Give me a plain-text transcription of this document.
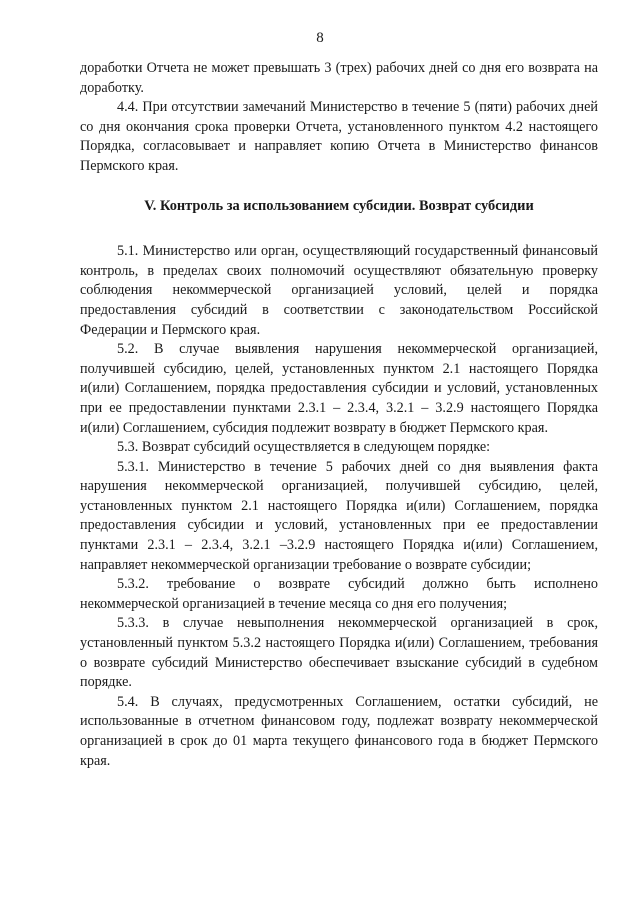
8

доработки Отчета не может превышать 3 (трех) рабочих дней со дня его возврата на доработку.

4.4. При отсутствии замечаний Министерство в течение 5 (пяти) рабочих дней со дня окончания срока проверки Отчета, установленного пунктом 4.2 настоящего Порядка, согласовывает и направляет копию Отчета в Министерство финансов Пермского края.

V. Контроль за использованием субсидии. Возврат субсидии

5.1. Министерство или орган, осуществляющий государственный финансовый контроль, в пределах своих полномочий осуществляют обязательную проверку соблюдения некоммерческой организацией условий, целей и порядка предоставления субсидий в соответствии с законодательством Российской Федерации и Пермского края.

5.2. В случае выявления нарушения некоммерческой организацией, получившей субсидию, целей, установленных пунктом 2.1 настоящего Порядка и(или) Соглашением, порядка предоставления субсидии и условий, установленных при ее предоставлении пунктами 2.3.1 – 2.3.4, 3.2.1 – 3.2.9 настоящего Порядка и(или) Соглашением, субсидия подлежит возврату в бюджет Пермского края.

5.3. Возврат субсидий осуществляется в следующем порядке:

5.3.1. Министерство в течение 5 рабочих дней со дня выявления факта нарушения некоммерческой организацией, получившей субсидию, целей, установленных пунктом 2.1 настоящего Порядка и(или) Соглашением, порядка предоставления субсидии и условий, установленных при ее предоставлении пунктами 2.3.1 – 2.3.4, 3.2.1 –3.2.9 настоящего Порядка и(или) Соглашением, направляет некоммерческой организации требование о возврате субсидии;

5.3.2. требование о возврате субсидий должно быть исполнено некоммерческой организацией в течение месяца со дня его получения;

5.3.3. в случае невыполнения некоммерческой организацией в срок, установленный пунктом 5.3.2 настоящего Порядка и(или) Соглашением, требования о возврате субсидий Министерство обеспечивает взыскание субсидий в судебном порядке.

5.4. В случаях, предусмотренных Соглашением, остатки субсидий, не использованные в отчетном финансовом году, подлежат возврату некоммерческой организацией в срок до 01 марта текущего финансового года в бюджет Пермского края.
